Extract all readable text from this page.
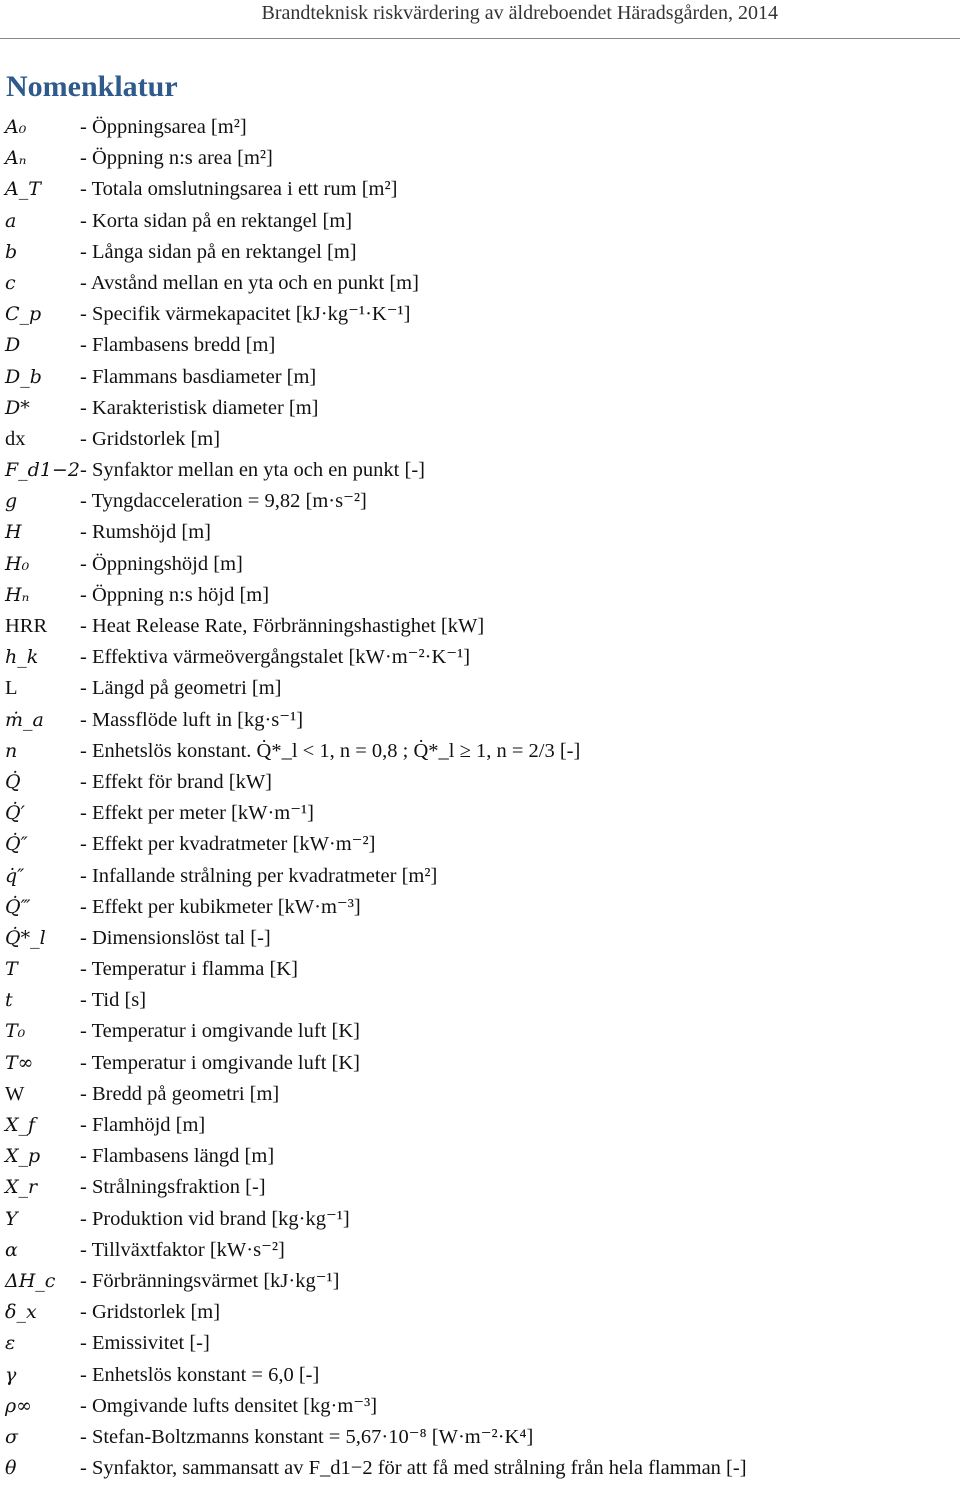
Brandteknisk riskvärdering av äldreboendet Häradsgården, 2014
Nomenklatur
A₀	- Öppningsarea [m²]
Aₙ	- Öppning n:s area [m²]
A_T - Totala omslutningsarea i ett rum [m²]
a	- Korta sidan på en rektangel [m]
b	- Långa sidan på en rektangel [m]
c	- Avstånd mellan en yta och en punkt [m]
C_p - Specifik värmekapacitet [kJ·kg⁻¹·K⁻¹]
D	- Flambasens bredd [m]
D_b - Flammans basdiameter [m]
D* - Karakteristisk diameter [m]
dx	- Gridstorlek [m]
F_d1−2 - Synfaktor mellan en yta och en punkt [-]
g	- Tyngdacceleration = 9,82 [m·s⁻²]
H	- Rumshöjd [m]
H₀ - Öppningshöjd [m]
Hₙ - Öppning n:s höjd [m]
HRR - Heat Release Rate, Förbränningshastighet [kW]
h_k - Effektiva värmeövergångstalet [kW·m⁻²·K⁻¹]
L	- Längd på geometri [m]
ṁ_a - Massflöde luft in [kg·s⁻¹]
n	- Enhetslös konstant. Q̇*_l < 1, n = 0,8 ; Q̇*_l ≥ 1, n = 2/3 [-]
Q̇	- Effekt för brand [kW]
Q̇′	- Effekt per meter [kW·m⁻¹]
Q̇″	- Effekt per kvadratmeter [kW·m⁻²]
q̇″	- Infallande strålning per kvadratmeter [m²]
Q̇‴ - Effekt per kubikmeter [kW·m⁻³]
Q̇*_l - Dimensionslöst tal [-]
T	- Temperatur i flamma [K]
t	- Tid [s]
T₀	- Temperatur i omgivande luft [K]
T∞ - Temperatur i omgivande luft [K]
W	- Bredd på geometri [m]
X_f - Flamhöjd [m]
X_p - Flambasens längd [m]
X_r - Strålningsfraktion [-]
Y	- Produktion vid brand [kg·kg⁻¹]
α	- Tillväxtfaktor [kW·s⁻²]
ΔH_c - Förbränningsvärmet [kJ·kg⁻¹]
δ_x - Gridstorlek [m]
ε	- Emissivitet [-]
γ	- Enhetslös konstant = 6,0 [-]
ρ∞ - Omgivande lufts densitet [kg·m⁻³]
σ	- Stefan-Boltzmanns konstant = 5,67·10⁻⁸ [W·m⁻²·K⁴]
θ	- Synfaktor, sammansatt av F_d1−2 för att få med strålning från hela flamman [-]
